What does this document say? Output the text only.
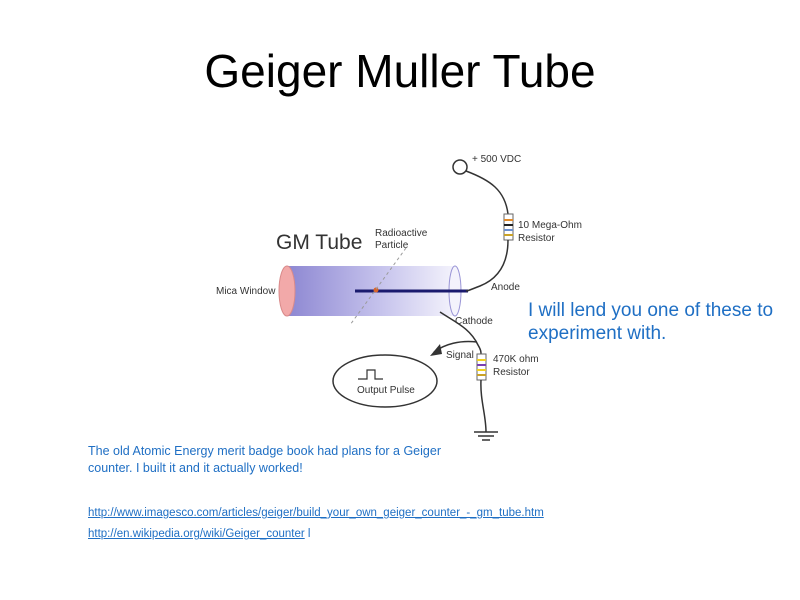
Geiger Muller Tube
GM Tube
+ 500 VDC
10 Mega-Ohm
Resistor
Radioactive
Particle
Mica Window	Anode
Cathode
Signal 470K ohm
Resistor
Output Pulse
I will lend you one of these to experiment with.
The old Atomic Energy merit badge book had plans for a Geiger counter. I built it and it actually worked!
http://www.imagesco.com/articles/geiger/build_your_own_geiger_counter_-_gm_tube.htm
http://en.wikipedia.org/wiki/Geiger_counter l
